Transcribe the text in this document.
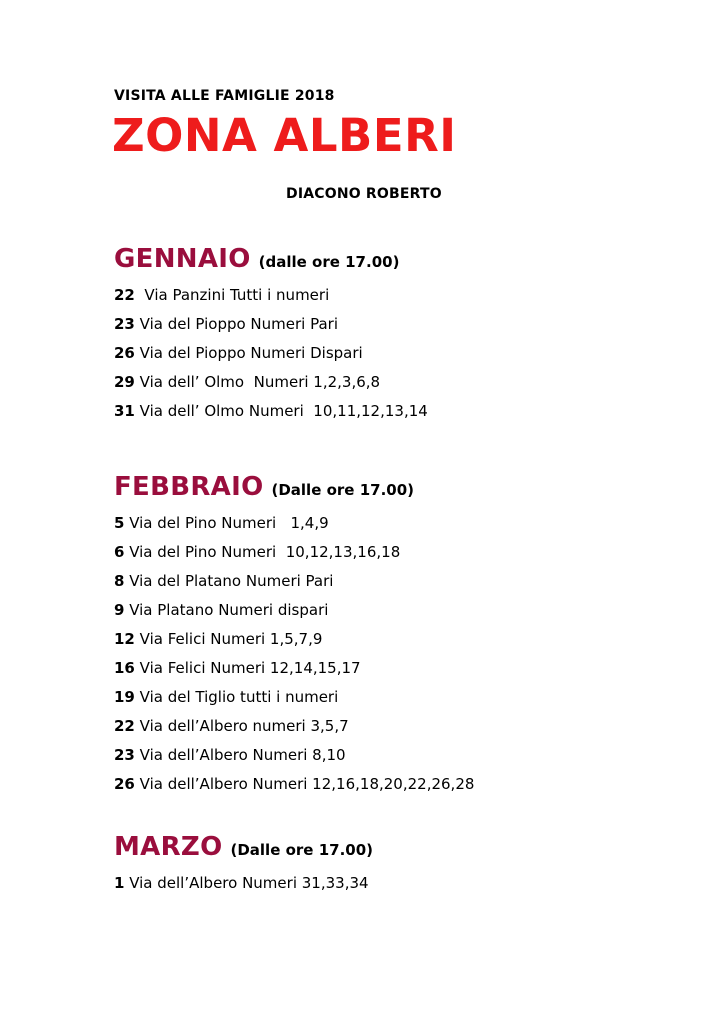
VISITA ALLE FAMIGLIE 2018
ZONA ALBERI
DIACONO ROBERTO
GENNAIO (dalle ore 17.00)
22  Via Panzini Tutti i numeri
23 Via del Pioppo Numeri Pari
26 Via del Pioppo Numeri Dispari
29 Via dell’ Olmo  Numeri 1,2,3,6,8
31 Via dell’ Olmo Numeri  10,11,12,13,14
FEBBRAIO (Dalle ore 17.00)
5 Via del Pino Numeri   1,4,9
6 Via del Pino Numeri  10,12,13,16,18
8 Via del Platano Numeri Pari
9 Via Platano Numeri dispari
12 Via Felici Numeri 1,5,7,9
16 Via Felici Numeri 12,14,15,17
19 Via del Tiglio tutti i numeri
22 Via dell’Albero numeri 3,5,7
23 Via dell’Albero Numeri 8,10
26 Via dell’Albero Numeri 12,16,18,20,22,26,28
MARZO (Dalle ore 17.00)
1 Via dell’Albero Numeri 31,33,34
